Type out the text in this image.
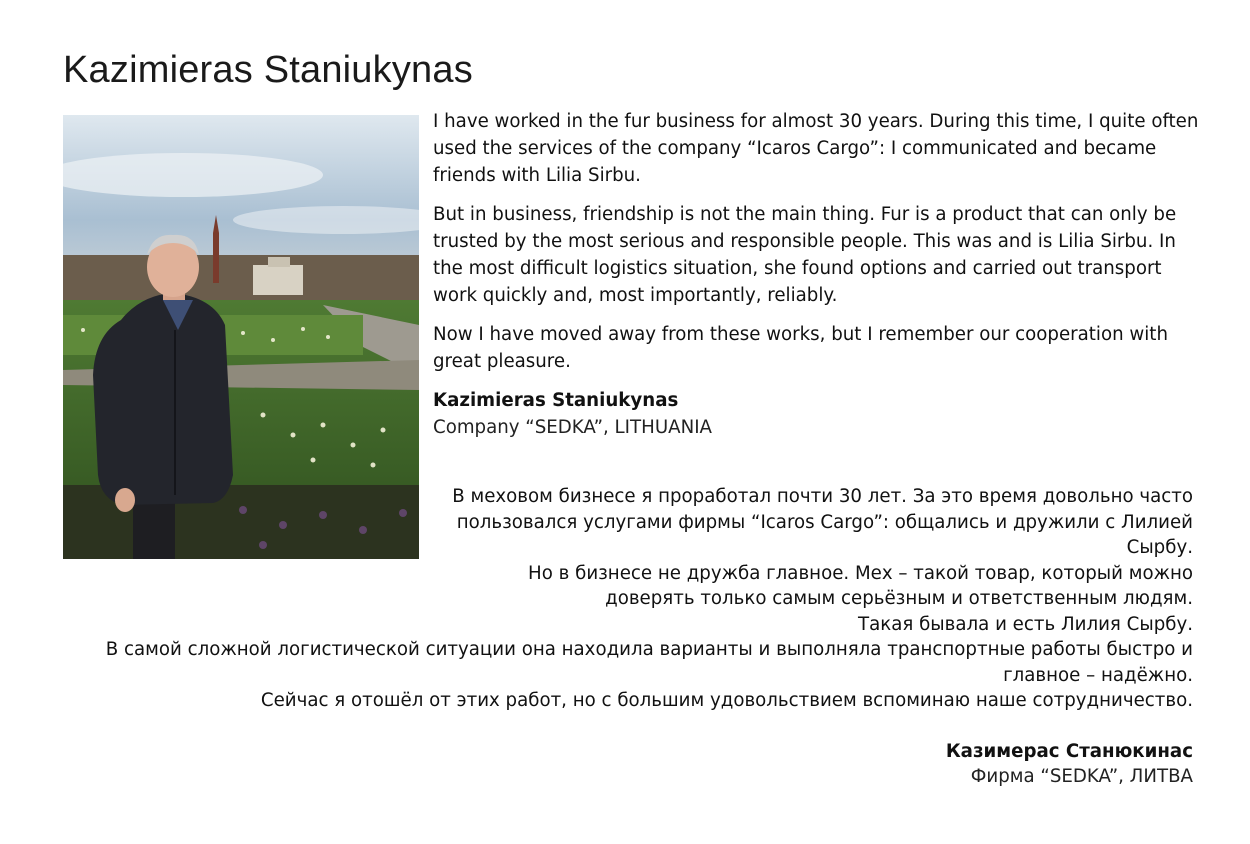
Kazimieras Staniukynas

I have worked in the fur business for almost 30 years. During this time, I quite often used the services of the company “Icaros Cargo”: I communicated and became friends with Lilia Sirbu.

But in business, friendship is not the main thing. Fur is a product that can only be trusted by the most serious and responsible people. This was and is Lilia Sirbu. In the most difficult logistics situation, she found options and carried out transport work quickly and, most importantly, reliably.

Now I have moved away from these works, but I remember our cooperation with great pleasure.

Kazimieras Staniukynas
Company “SEDKA”, LITHUANIA

В меховом бизнесе я проработал почти 30 лет. За это время довольно часто пользовался услугами фирмы “Icaros Cargo”: общались и дружили с Лилией Сырбу.

Но в бизнесе не дружба главное. Мех – такой товар, который можно доверять только самым серьёзным и ответственным людям.

Такая бывала и есть Лилия Сырбу.

В самой сложной логистической ситуации она находила варианты и выполняла транспортные работы быстро и главное – надёжно.

Сейчас я отошёл от этих работ, но с большим удовольствием вспоминаю наше сотрудничество.

Казимерас Станюкинас

Фирма “SEDKA”, ЛИТВА
